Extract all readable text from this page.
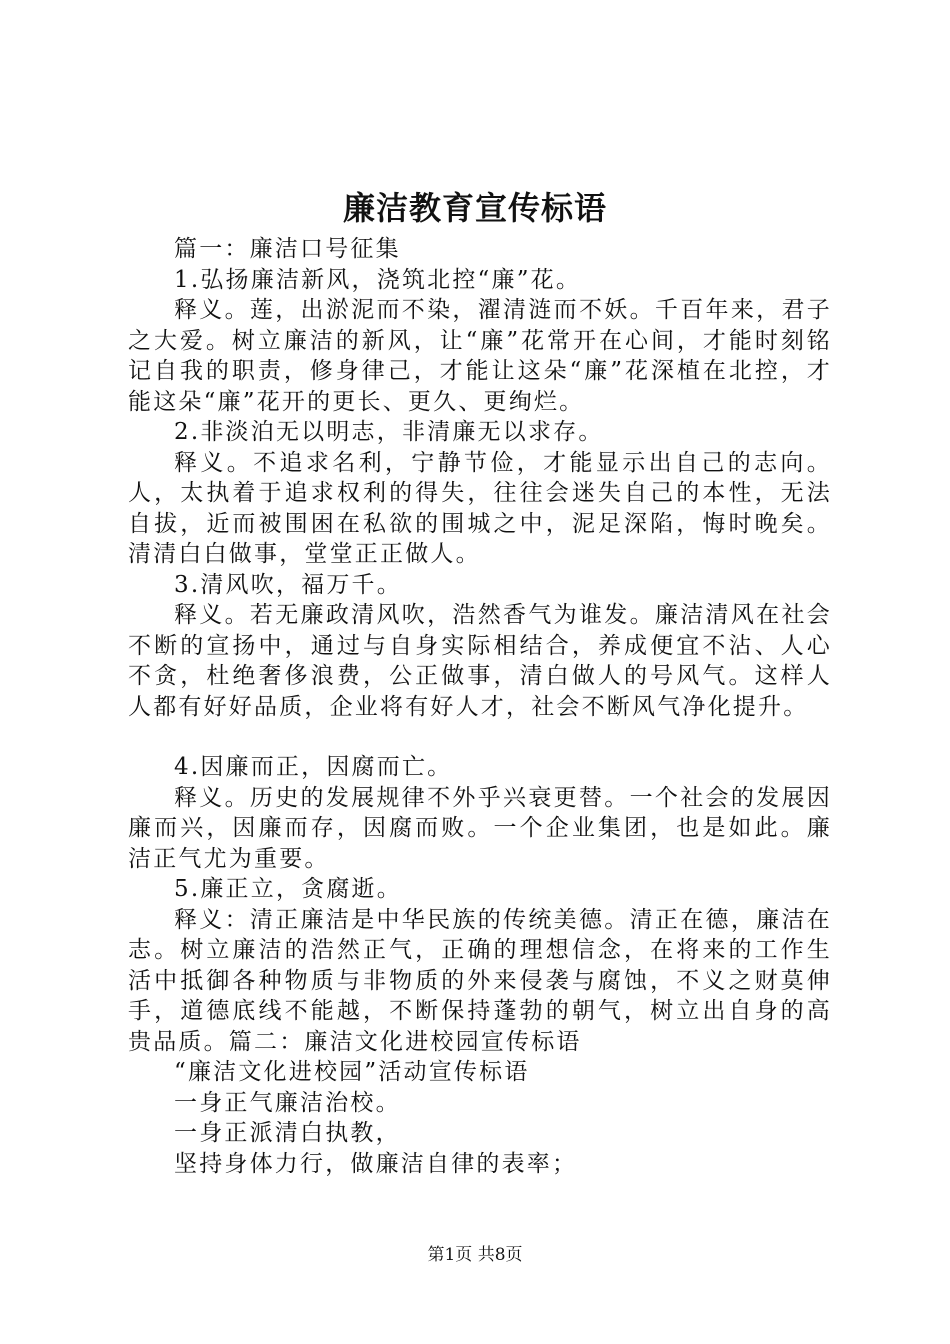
廉洁教育宣传标语

篇一：廉洁口号征集

1.弘扬廉洁新风，浇筑北控“廉”花。

释义。莲，出淤泥而不染，濯清涟而不妖。千百年来，君子之大爱。树立廉洁的新风，让“廉”花常开在心间，才能时刻铭记自我的职责，修身律己，才能让这朵“廉”花深植在北控，才能这朵“廉”花开的更长、更久、更绚烂。

2.非淡泊无以明志，非清廉无以求存。

释义。不追求名利，宁静节俭，才能显示出自己的志向。人，太执着于追求权利的得失，往往会迷失自己的本性，无法自拔，近而被围困在私欲的围城之中，泥足深陷，悔时晚矣。清清白白做事，堂堂正正做人。

3.清风吹，福万千。

释义。若无廉政清风吹，浩然香气为谁发。廉洁清风在社会不断的宣扬中，通过与自身实际相结合，养成便宜不沾、人心不贪，杜绝奢侈浪费，公正做事，清白做人的号风气。这样人人都有好好品质，企业将有好人才，社会不断风气净化提升。

4.因廉而正，因腐而亡。

释义。历史的发展规律不外乎兴衰更替。一个社会的发展因廉而兴，因廉而存，因腐而败。一个企业集团，也是如此。廉洁正气尤为重要。

5.廉正立，贪腐逝。

释义：清正廉洁是中华民族的传统美德。清正在德，廉洁在志。树立廉洁的浩然正气，正确的理想信念，在将来的工作生活中抵御各种物质与非物质的外来侵袭与腐蚀，不义之财莫伸手，道德底线不能越，不断保持蓬勃的朝气，树立出自身的高贵品质。篇二：廉洁文化进校园宣传标语

“廉洁文化进校园”活动宣传标语

一身正气廉洁治校。

一身正派清白执教，

坚持身体力行，做廉洁自律的表率；

第1页 共8页
